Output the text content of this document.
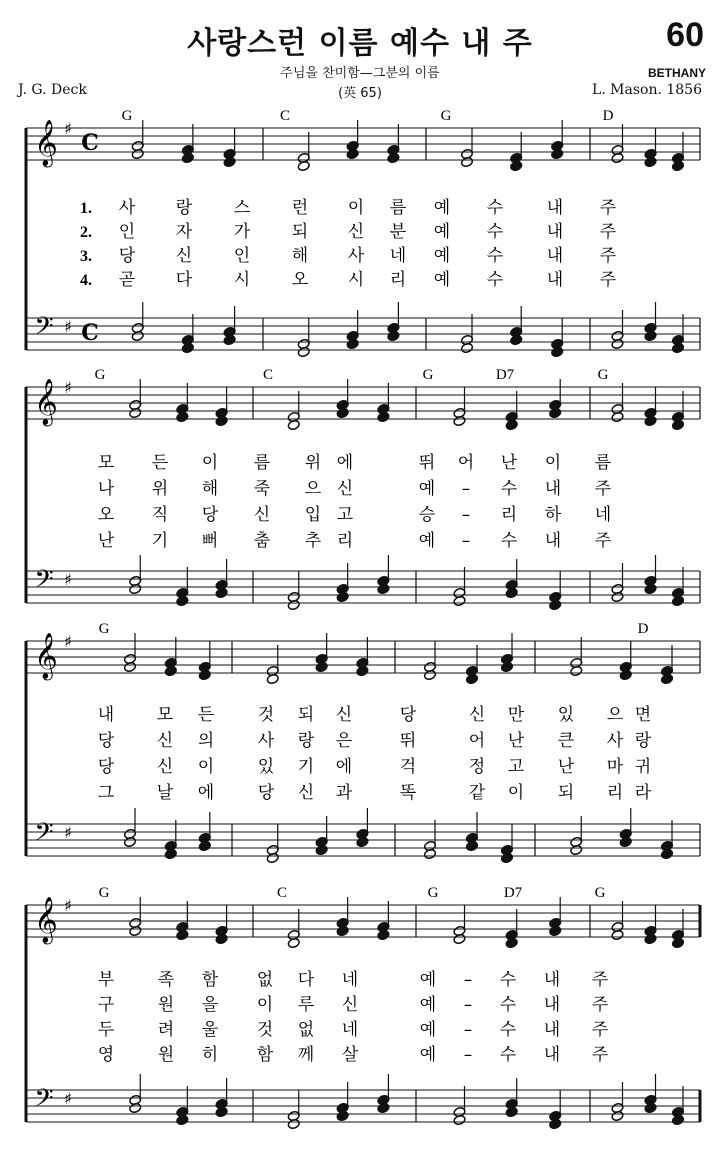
사랑스런 이름 예수 내 주	60
BETHANY
주님을 찬미함—그분의 이름
(英 65)
J. G. Deck	L. Mason. 1856
𝄞 ♯
C
𝄢 ♯ C
G	C	G	D
1.
2.
3.
4.
사 랑 스 런 이 름 예 수	내 주
인 자 가 되 신 분 예 수	내 주
당 신 인 해 사 네 예 수	내 주
곧 다 시 오 시 리 예 수	내 주
𝄞 ♯
𝄢 ♯
G	C	G	D7	G
모 든 이 름 위 에	뛰 어 난 이 름
나 위 해 죽 으 신	예 – 수 내 주
오 직 당 신 입 고	승 – 리 하 네
난 기 뻐 춤 추 리	예 – 수 내 주
𝄞 ♯
𝄢 ♯
G	D
내	모 든	것 되 신	당	신 만 있 으 면
당	신 의	사 랑 은	뛰	어 난 큰 사 랑
당	신 이	있 기 에	걱	정 고 난 마 귀
그	날 에	당 신 과	똑	같 이 되 리 라
𝄞 ♯
𝄢 ♯
G	C	G	D7	G
부	족 함 없 다 네	예 – 수 내 주
구	원 을 이 루 신	예 – 수 내 주
두	려 울 것 없 네	예 – 수 내 주
영	원 히 함 께 살	예 – 수 내 주
